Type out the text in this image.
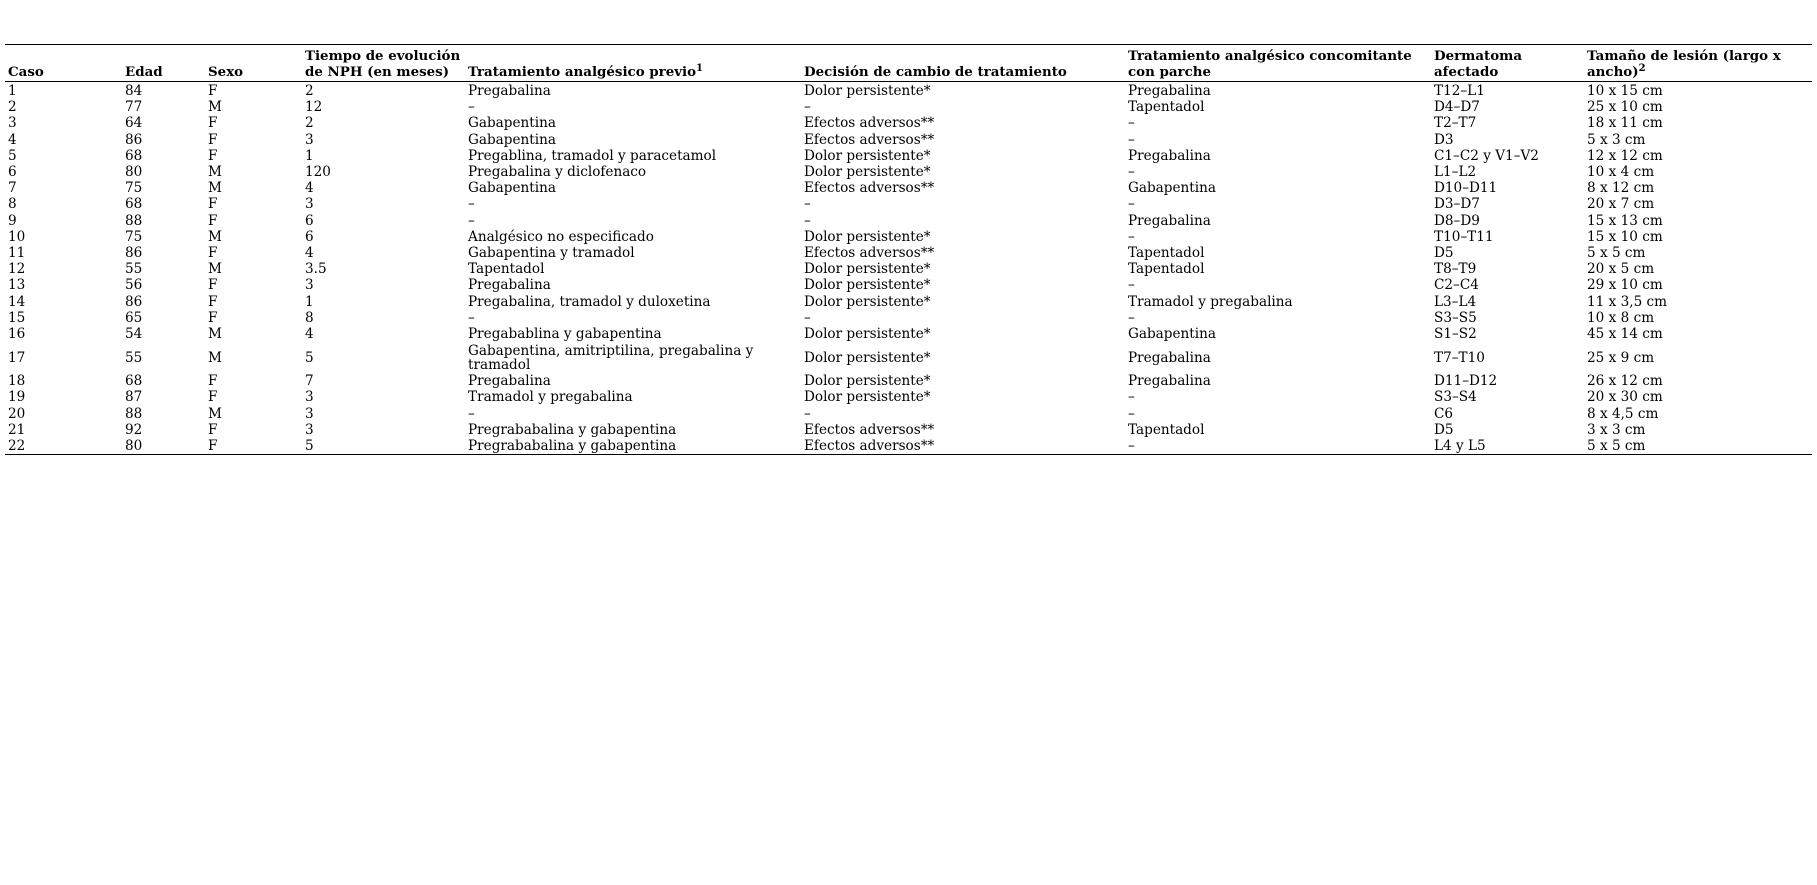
Caso	Edad	Sexo	Tiempo de evolución de NPH (en meses)	Tratamiento analgésico previo$^1$	Decisión de cambio de tratamiento	Tratamiento analgésico concomitante con parche	Dermatoma afectado	Tamaño de lesión (largo x ancho)$^2$
1	84	F	2	Pregabalina	Dolor persistente*	Pregabalina	T12–L1	10 x 15 cm
2	77	M	12	–	–	Tapentadol	D4–D7	25 x 10 cm
3	64	F	2	Gabapentina	Efectos adversos**	–	T2–T7	18 x 11 cm
4	86	F	3	Gabapentina	Efectos adversos**	–	D3	5 x 3 cm
5	68	F	1	Pregablina, tramadol y paracetamol	Dolor persistente*	Pregabalina	C1–C2 y V1–V2	12 x 12 cm
6	80	M	120	Pregabalina y diclofenaco	Dolor persistente*	–	L1–L2	10 x 4 cm
7	75	M	4	Gabapentina	Efectos adversos**	Gabapentina	D10–D11	8 x 12 cm
8	68	F	3	–	–	–	D3–D7	20 x 7 cm
9	88	F	6	–	–	Pregabalina	D8–D9	15 x 13 cm
10	75	M	6	Analgésico no especificado	Dolor persistente*	–	T10–T11	15 x 10 cm
11	86	F	4	Gabapentina y tramadol	Efectos adversos**	Tapentadol	D5	5 x 5 cm
12	55	M	3.5	Tapentadol	Dolor persistente*	Tapentadol	T8–T9	20 x 5 cm
13	56	F	3	Pregabalina	Dolor persistente*	–	C2–C4	29 x 10 cm
14	86	F	1	Pregabalina, tramadol y duloxetina	Dolor persistente*	Tramadol y pregabalina	L3–L4	11 x 3,5 cm
15	65	F	8	–	–	–	S3–S5	10 x 8 cm
16	54	M	4	Pregabablina y gabapentina	Dolor persistente*	Gabapentina	S1–S2	45 x 14 cm
17	55	M	5	Gabapentina, amitriptilina, pregabalina y tramadol	Dolor persistente*	Pregabalina	T7–T10	25 x 9 cm
18	68	F	7	Pregabalina	Dolor persistente*	Pregabalina	D11–D12	26 x 12 cm
19	87	F	3	Tramadol y pregabalina	Dolor persistente*	–	S3–S4	20 x 30 cm
20	88	M	3	–	–	–	C6	8 x 4,5 cm
21	92	F	3	Pregrababalina y gabapentina	Efectos adversos**	Tapentadol	D5	3 x 3 cm
22	80	F	5	Pregrababalina y gabapentina	Efectos adversos**	–	L4 y L5	5 x 5 cm
